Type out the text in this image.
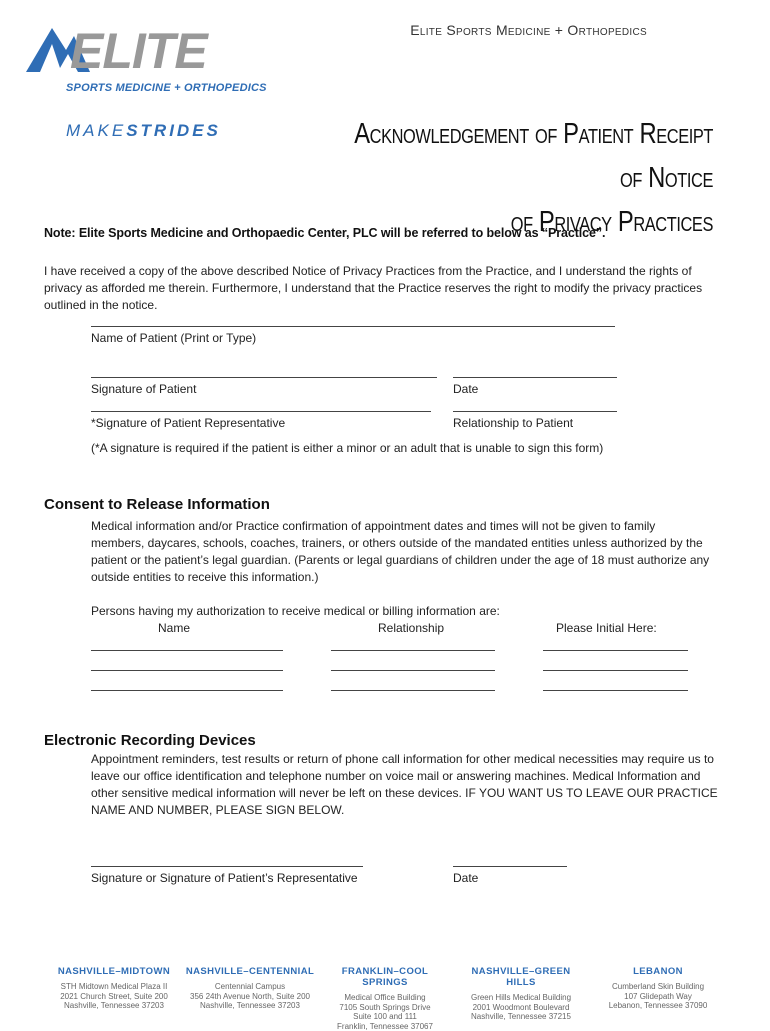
ELITE
SPORTS MEDICINE + ORTHOPEDICS
MAKESTRIDES
Elite Sports Medicine + Orthopedics
Acknowledgement of Patient Receipt of Notice
of Privacy Practices
Note: Elite Sports Medicine and Orthopaedic Center, PLC will be referred to below as “Practice”.
I have received a copy of the above described Notice of Privacy Practices from the Practice, and I understand the rights of privacy as afforded me therein. Furthermore, I understand that the Practice reserves the right to modify the privacy practices outlined in the notice.
Name of Patient (Print or Type)
Signature of Patient	Date
*Signature of Patient Representative	Relationship to Patient
(*A signature is required if the patient is either a minor or an adult that is unable to sign this form)
Consent to Release Information
Medical information and/or Practice confirmation of appointment dates and times will not be given to family members, daycares, schools, coaches, trainers, or others outside of the mandated entities unless authorized by the patient or the patient’s legal guardian. (Parents or legal guardians of children under the age of 18 must authorize any outside entities to receive this information.)
Persons having my authorization to receive medical or billing information are:
Name	Relationship	Please Initial Here:
Electronic Recording Devices
Appointment reminders, test results or return of phone call information for other medical necessities may require us to leave our office identification and telephone number on voice mail or answering machines. Medical Information and other sensitive medical information will never be left on these devices. IF YOU WANT US TO LEAVE OUR PRACTICE NAME AND NUMBER, PLEASE SIGN BELOW.
Signature or Signature of Patient’s Representative	Date
NASHVILLE–MIDTOWN
STH Midtown Medical Plaza II
2021 Church Street, Suite 200
Nashville, Tennessee 37203
NASHVILLE–CENTENNIAL
Centennial Campus
356 24th Avenue North, Suite 200
Nashville, Tennessee 37203
FRANKLIN–COOL SPRINGS
Medical Office Building
7105 South Springs Drive
Suite 100 and 111
Franklin, Tennessee 37067
NASHVILLE–GREEN HILLS
Green Hills Medical Building
2001 Woodmont Boulevard
Nashville, Tennessee 37215
LEBANON
Cumberland Skin Building
107 Glidepath Way
Lebanon, Tennessee 37090
